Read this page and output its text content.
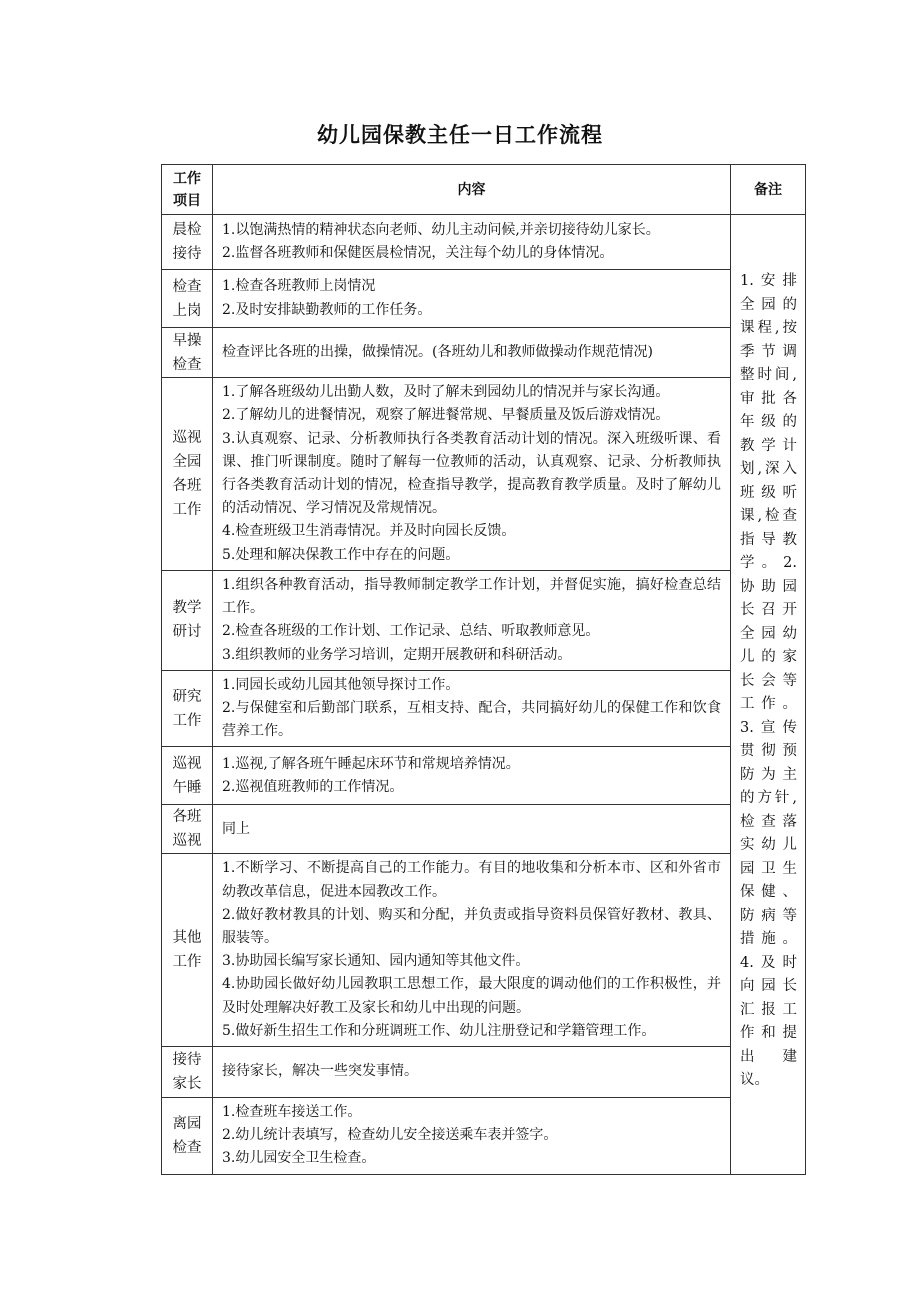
幼儿园保教主任一日工作流程
工作项目	内容	备注

晨检接待	1.以饱满热情的精神状态向老师、幼儿主动问候,并亲切接待幼儿家长。
2.监督各班教师和保健医晨检情况，关注每个幼儿的身体情况。	1.安排全园的课程,按季节调整时间,审批各年级的教学计划,深入班级听课,检查指导教学。2.协助园长召开全园幼儿的家长会等工作。3.宣传贯彻预防为主的方针,检查落实幼儿园卫生保健、防病等措施。4.及时向园长汇报工作和提出建议。

检查上岗	1.检查各班教师上岗情况
2.及时安排缺勤教师的工作任务。	

早操检查	检查评比各班的出操，做操情况。(各班幼儿和教师做操动作规范情况)	

巡视全园各班工作	1.了解各班级幼儿出勤人数，及时了解未到园幼儿的情况并与家长沟通。
2.了解幼儿的进餐情况，观察了解进餐常规、早餐质量及饭后游戏情况。
3.认真观察、记录、分析教师执行各类教育活动计划的情况。深入班级听课、看课、推门听课制度。随时了解每一位教师的活动，认真观察、记录、分析教师执行各类教育活动计划的情况，检查指导教学，提高教育教学质量。及时了解幼儿的活动情况、学习情况及常规情况。
4.检查班级卫生消毒情况。并及时向园长反馈。
5.处理和解决保教工作中存在的问题。	

教学研讨	1.组织各种教育活动，指导教师制定教学工作计划，并督促实施，搞好检查总结工作。
2.检查各班级的工作计划、工作记录、总结、听取教师意见。
3.组织教师的业务学习培训，定期开展教研和科研活动。	

研究工作	1.同园长或幼儿园其他领导探讨工作。
2.与保健室和后勤部门联系，互相支持、配合，共同搞好幼儿的保健工作和饮食营养工作。	

巡视午睡	1.巡视,了解各班午睡起床环节和常规培养情况。
2.巡视值班教师的工作情况。	

各班巡视	同上	

其他工作	1.不断学习、不断提高自己的工作能力。有目的地收集和分析本市、区和外省市幼教改革信息，促进本园教改工作。
2.做好教材教具的计划、购买和分配，并负责或指导资料员保管好教材、教具、服装等。
3.协助园长编写家长通知、园内通知等其他文件。
4.协助园长做好幼儿园教职工思想工作，最大限度的调动他们的工作积极性，并及时处理解决好教工及家长和幼儿中出现的问题。
5.做好新生招生工作和分班调班工作、幼儿注册登记和学籍管理工作。	

接待家长	接待家长，解决一些突发事情。	

离园检查	1.检查班车接送工作。
2.幼儿统计表填写，检查幼儿安全接送乘车表并签字。
3.幼儿园安全卫生检查。	
